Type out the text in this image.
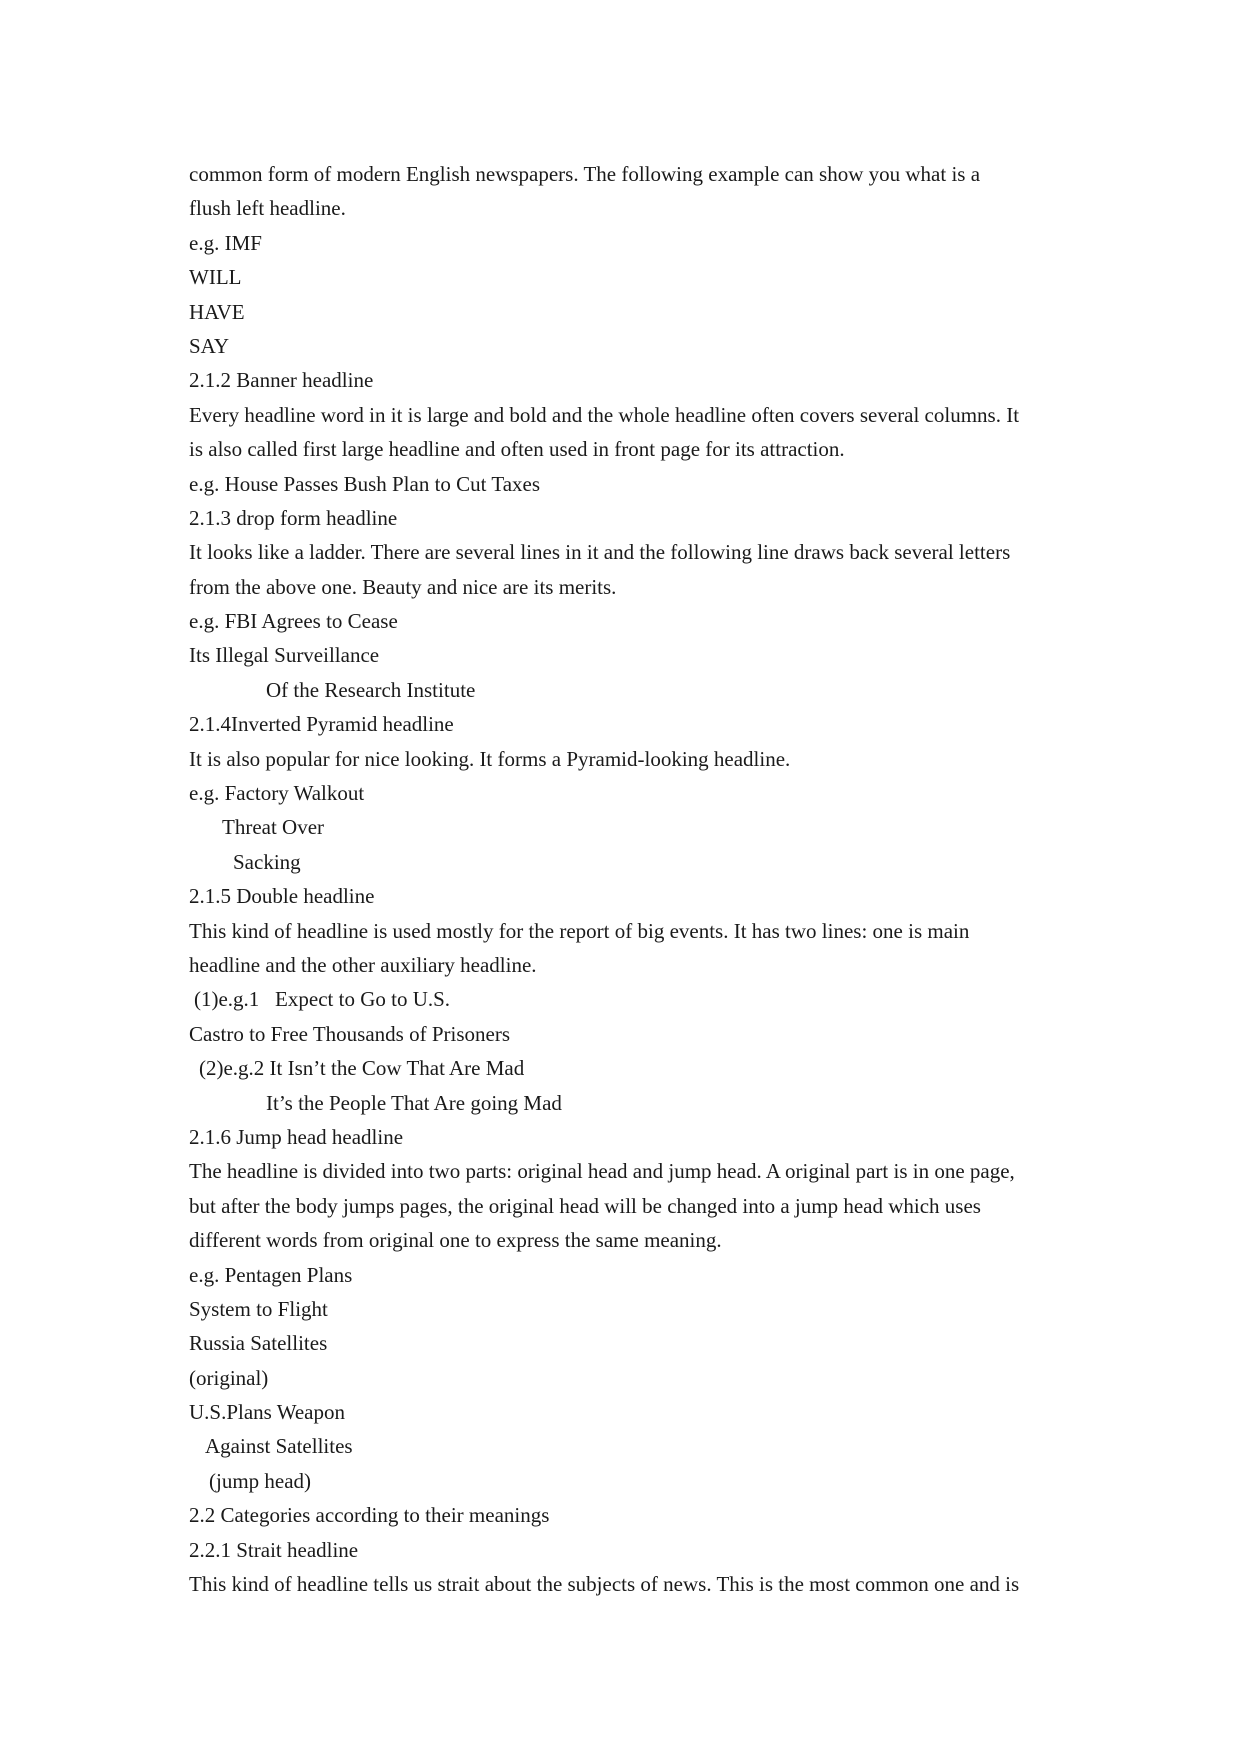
common form of modern English newspapers. The following example can show you what is a
flush left headline.
e.g. IMF
WILL
HAVE
SAY
2.1.2 Banner headline
Every headline word in it is large and bold and the whole headline often covers several columns. It
is also called first large headline and often used in front page for its attraction.
e.g. House Passes Bush Plan to Cut Taxes
2.1.3 drop form headline
It looks like a ladder. There are several lines in it and the following line draws back several letters
from the above one. Beauty and nice are its merits.
e.g. FBI Agrees to Cease
Its Illegal Surveillance
Of the Research Institute
2.1.4Inverted Pyramid headline
It is also popular for nice looking. It forms a Pyramid-looking headline.
e.g. Factory Walkout
Threat Over
Sacking
2.1.5 Double headline
This kind of headline is used mostly for the report of big events. It has two lines: one is main
headline and the other auxiliary headline.
(1)e.g.1   Expect to Go to U.S.
Castro to Free Thousands of Prisoners
(2)e.g.2 It Isn’t the Cow That Are Mad
It’s the People That Are going Mad
2.1.6 Jump head headline
The headline is divided into two parts: original head and jump head. A original part is in one page,
but after the body jumps pages, the original head will be changed into a jump head which uses
different words from original one to express the same meaning.
e.g. Pentagen Plans
System to Flight
Russia Satellites
(original)
U.S.Plans Weapon
Against Satellites
(jump head)
2.2 Categories according to their meanings
2.2.1 Strait headline
This kind of headline tells us strait about the subjects of news. This is the most common one and is
